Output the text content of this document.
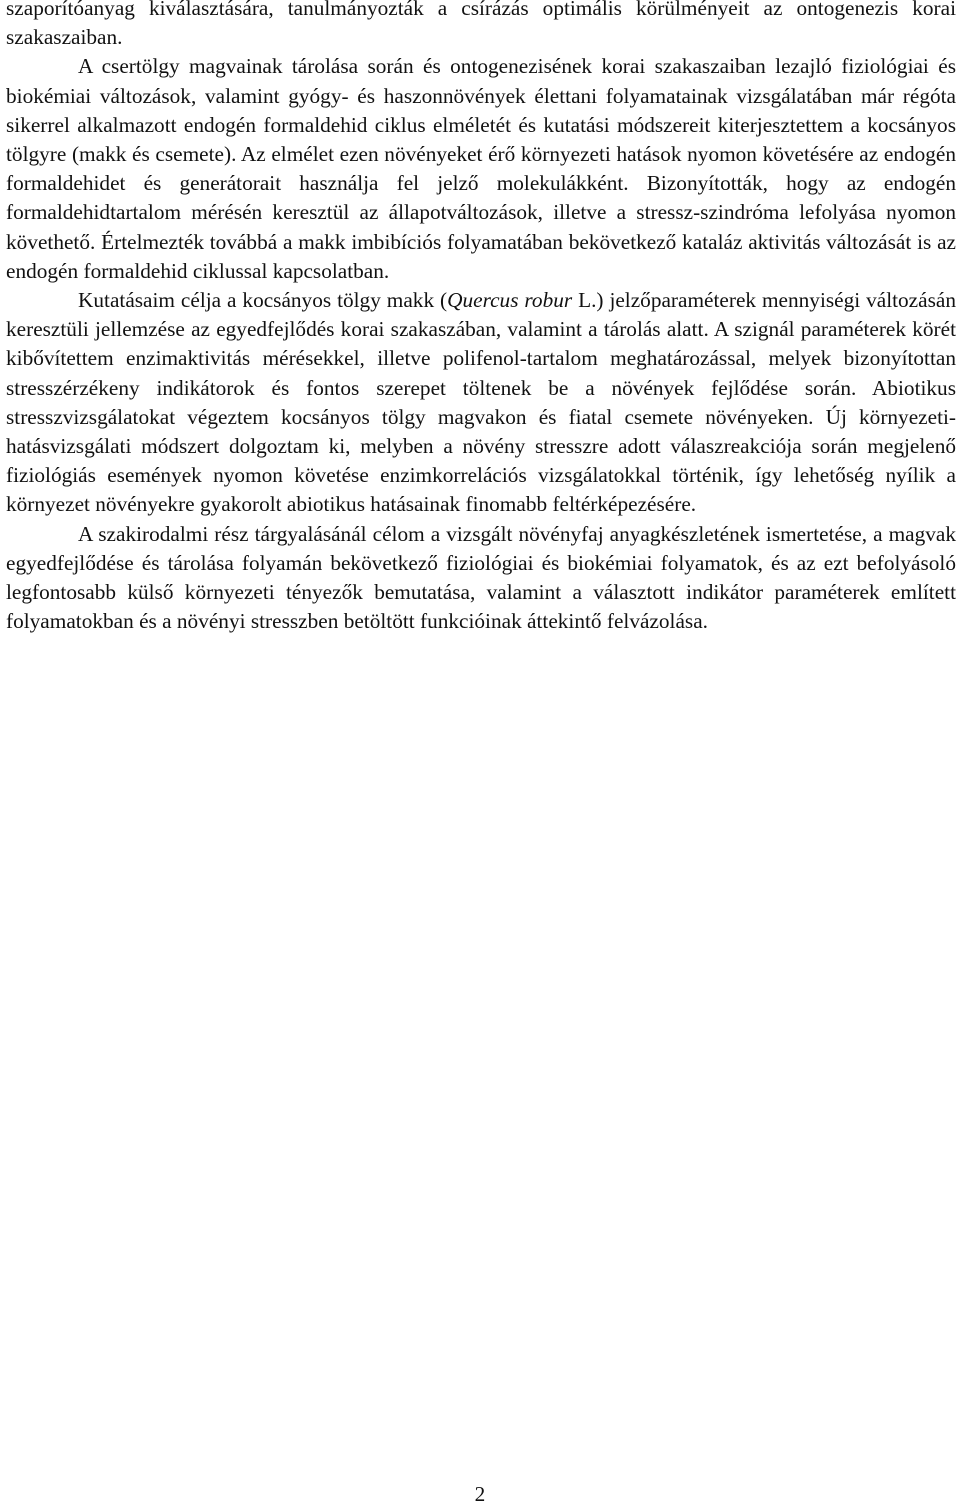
szaporítóanyag kiválasztására, tanulmányozták a csírázás optimális körülményeit az ontogenezis korai szakaszaiban.

A csertölgy magvainak tárolása során és ontogenezisének korai szakaszaiban lezajló fiziológiai és biokémiai változások, valamint gyógy- és haszonnövények élettani folyamatainak vizsgálatában már régóta sikerrel alkalmazott endogén formaldehid ciklus elméletét és kutatási módszereit kiterjesztettem a kocsányos tölgyre (makk és csemete). Az elmélet ezen növényeket érő környezeti hatások nyomon követésére az endogén formaldehidet és generátorait használja fel jelző molekulákként. Bizonyították, hogy az endogén formaldehidtartalom mérésén keresztül az állapotváltozások, illetve a stressz-szindróma lefolyása nyomon követhető. Értelmezték továbbá a makk imbibíciós folyamatában bekövetkező kataláz aktivitás változását is az endogén formaldehid ciklussal kapcsolatban.

Kutatásaim célja a kocsányos tölgy makk (Quercus robur L.) jelzőparaméterek mennyiségi változásán keresztüli jellemzése az egyedfejlődés korai szakaszában, valamint a tárolás alatt. A szignál paraméterek körét kibővítettem enzimaktivitás mérésekkel, illetve polifenol-tartalom meghatározással, melyek bizonyítottan stresszérzékeny indikátorok és fontos szerepet töltenek be a növények fejlődése során. Abiotikus stresszvizsgálatokat végeztem kocsányos tölgy magvakon és fiatal csemete növényeken. Új környezeti-hatásvizsgálati módszert dolgoztam ki, melyben a növény stresszre adott válaszreakciója során megjelenő fiziológiás események nyomon követése enzimkorrelációs vizsgálatokkal történik, így lehetőség nyílik a környezet növényekre gyakorolt abiotikus hatásainak finomabb feltérképezésére.

A szakirodalmi rész tárgyalásánál célom a vizsgált növényfaj anyagkészletének ismertetése, a magvak egyedfejlődése és tárolása folyamán bekövetkező fiziológiai és biokémiai folyamatok, és az ezt befolyásoló legfontosabb külső környezeti tényezők bemutatása, valamint a választott indikátor paraméterek említett folyamatokban és a növényi stresszben betöltött funkcióinak áttekintő felvázolása.

2
